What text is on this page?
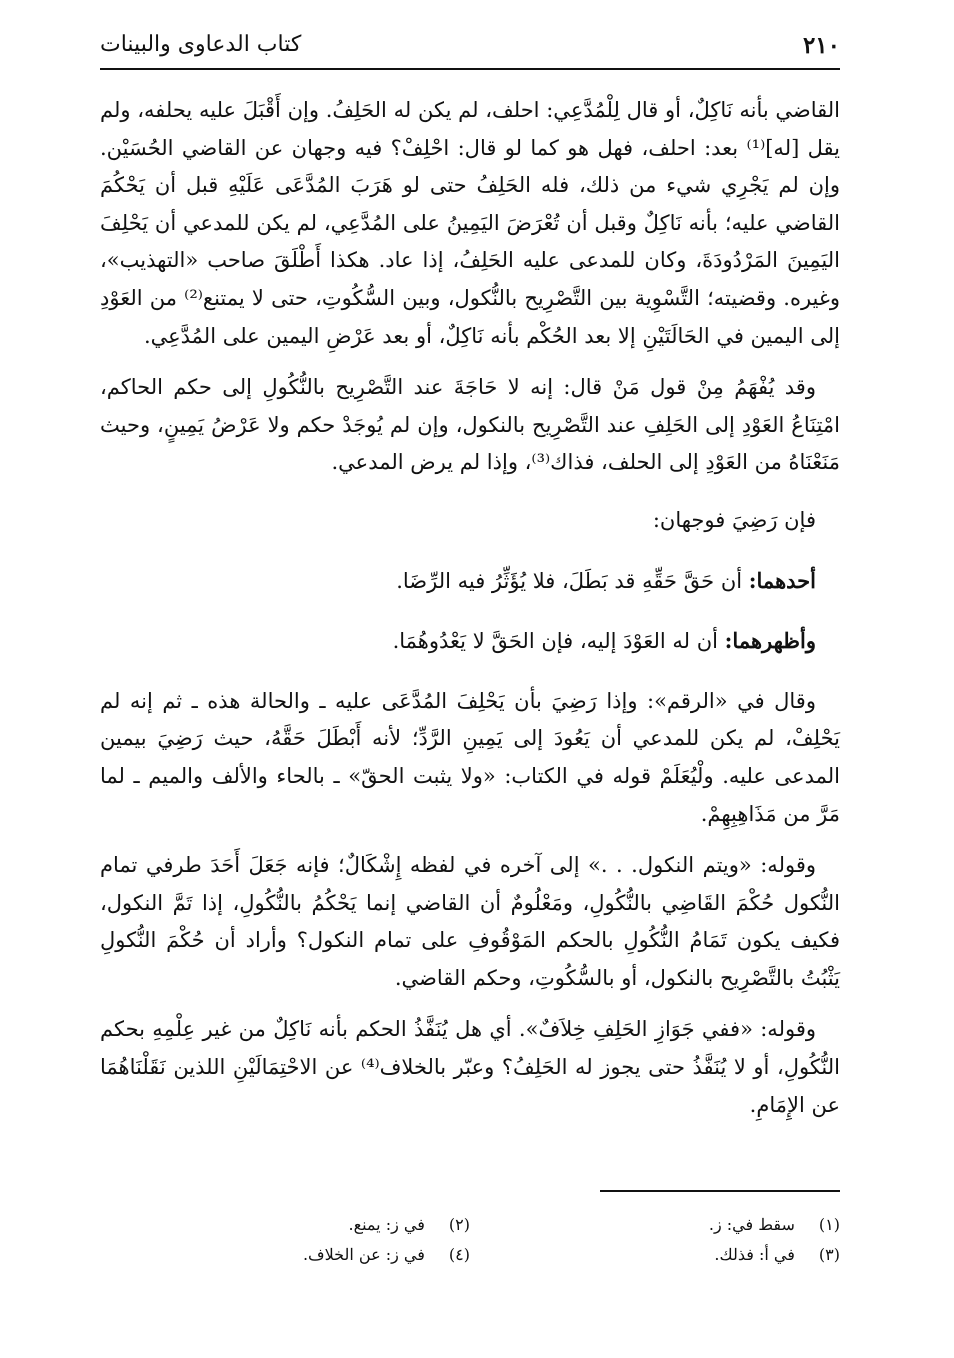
٢١٠
كتاب الدعاوى والبينات

القاضي بأنه نَاكِلٌ، أو قال لِلْمُدَّعِي: احلف، لم يكن له الحَلِفُ. وإن أَقْبَلَ عليه يحلفه، ولم يقل [له]⁽¹⁾ بعد: احلف، فهل هو كما لو قال: احْلِفْ؟ فيه وجهان عن القاضي الحُسَيْن. وإن لم يَجْرِي شيء من ذلك، فله الحَلِفُ حتى لو هَرَبَ المُدَّعَى عَلَيْهِ قبل أن يَحْكُمَ القاضي عليه؛ بأنه نَاكِلٌ وقبل أن تُعْرَضَ اليَمِينُ على المُدَّعِي، لم يكن للمدعي أن يَحْلِفَ اليَمِينَ المَرْدُودَةَ، وكان للمدعى عليه الحَلِفُ، إذا عاد. هكذا أَطْلَقَ صاحب «التهذيب»، وغيره. وقضيته؛ التَّسْوِية بين التَّصْرِيح بالنُّكول، وبين السُّكُوتِ، حتى لا يمتنع⁽²⁾ من العَوْدِ إلى اليمين في الحَالَتَيْنِ إلا بعد الحُكْم بأنه نَاكِلٌ، أو بعد عَرْضِ اليمين على المُدَّعِي.

وقد يُفْهَمُ مِنْ قول مَنْ قال: إنه لا حَاجَةَ عند التَّصْرِيح بالنُّكُولِ إلى حكم الحاكم، امْتِنَاعُ العَوْدِ إلى الحَلِفِ عند التَّصْرِيح بالنكول، وإن لم يُوجَدْ حكم ولا عَرْضُ يَمِينٍ، وحيث مَنَعْنَاهُ من العَوْدِ إلى الحلف، فذاك⁽³⁾، وإذا لم يرض المدعي.

فإن رَضِيَ فوجهان:

أحدهما: أن حَقَّ حَقِّهِ قد بَطَلَ، فلا يُؤَثِّرُ فيه الرِّضَا.

وأظهرهما: أن له العَوْدَ إليه، فإن الحَقَّ لا يَعْدُوهُمَا.

وقال في «الرقم»: وإذا رَضِيَ بأن يَحْلِفَ المُدَّعَى عليه ـ والحالة هذه ـ ثم إنه لم يَحْلِفْ، لم يكن للمدعي أن يَعُودَ إلى يَمِينِ الرَّدِّ؛ لأنه أَبْطَلَ حَقَّهُ، حيث رَضِيَ بيمين المدعى عليه. ولْيُعَلَمْ قوله في الكتاب: «ولا يثبت الحقّ» ـ بالحاء والألف والميم ـ لما مَرَّ من مَذَاهِبِهِمْ.

وقوله: «ويتم النكول. . .» إلى آخره في لفظه إِشْكَالٌ؛ فإنه جَعَلَ أَحَدَ طرفي تمام النُّكول حُكْمَ القَاضِي بالنُّكُولِ، ومَعْلُومٌ أن القاضي إنما يَحْكُمُ بالنُّكُولِ، إذا تَمَّ النكول، فكيف يكون تَمَامُ النُّكُولِ بالحكم المَوْقُوفِ على تمام النكول؟ وأراد أن حُكْمَ النُّكولِ يَثْبُتُ بالتَّصْرِيح بالنكول، أو بالسُّكُوتِ، وحكم القاضي.

وقوله: «ففي جَوَازِ الحَلِفِ خِلاَفٌ». أي هل يُنَفَّذُ الحكم بأنه نَاكِلٌ من غير عِلْمِهِ بحكم النُّكُولِ، أو لا يُنَفَّذُ حتى يجوز له الحَلِفُ؟ وعبّر بالخلاف⁽⁴⁾ عن الاحْتِمَالَيْنِ اللذين نَقَلْنَاهُمَا عن الإِمَامِ.

(١) سقط في: ز.
(٢) في ز: يمنع.
(٣) في أ: فذلك.
(٤) في ز: عن الخلاف.
